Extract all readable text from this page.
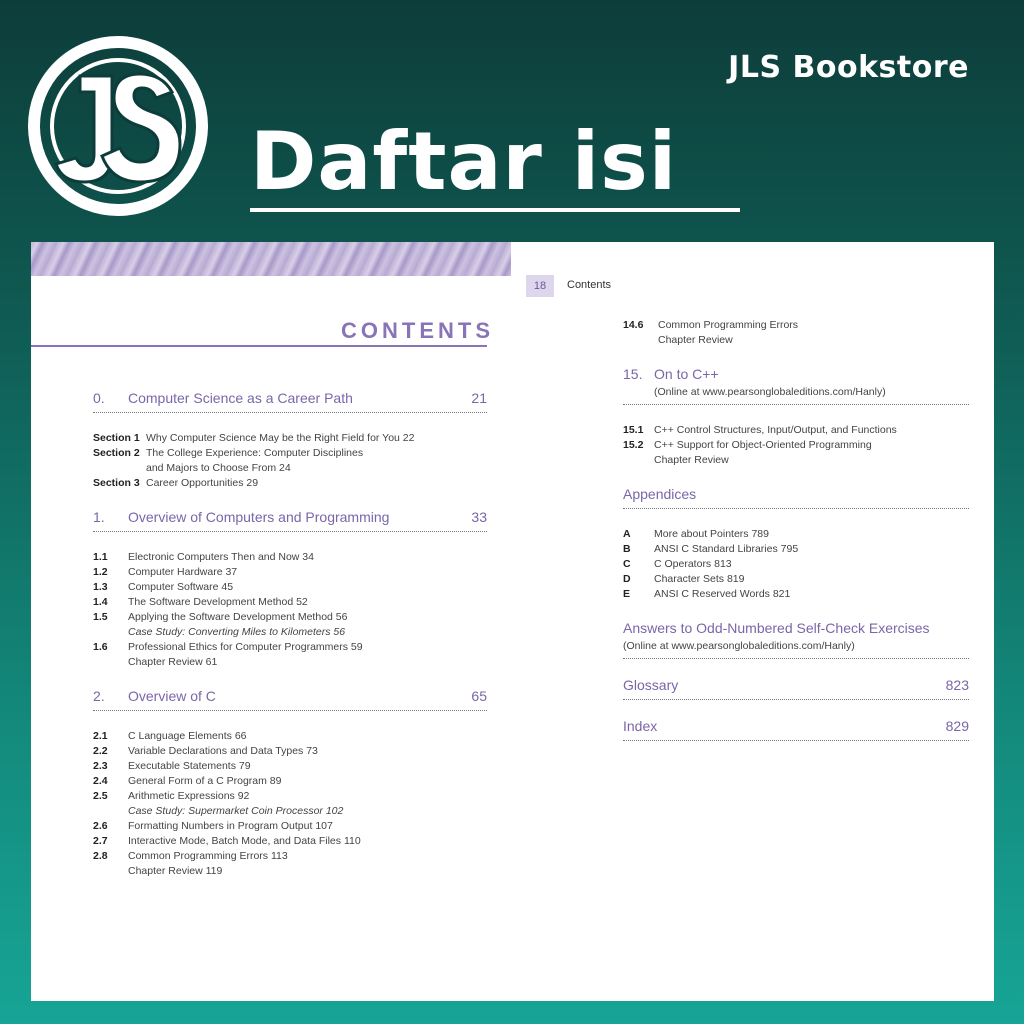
JLS Bookstore
Daftar isi
18	Contents
CONTENTS
0.	Computer Science as a Career Path	21
Section 1 Why Computer Science May be the Right Field for You 22
Section 2 The College Experience: Computer Disciplines
and Majors to Choose From 24
Section 3 Career Opportunities 29
1.	Overview of Computers and Programming	33
1.1	Electronic Computers Then and Now 34
1.2	Computer Hardware 37
1.3	Computer Software 45
1.4	The Software Development Method 52
1.5	Applying the Software Development Method 56
Case Study: Converting Miles to Kilometers 56
1.6	Professional Ethics for Computer Programmers 59
Chapter Review 61
2.	Overview of C	65
2.1	C Language Elements 66
2.2	Variable Declarations and Data Types 73
2.3	Executable Statements 79
2.4	General Form of a C Program 89
2.5	Arithmetic Expressions 92
Case Study: Supermarket Coin Processor 102
2.6	Formatting Numbers in Program Output 107
2.7	Interactive Mode, Batch Mode, and Data Files 110
2.8	Common Programming Errors 113
Chapter Review 119
14.6	Common Programming Errors
Chapter Review
15. On to C++
(Online at www.pearsonglobaleditions.com/Hanly)
15.1	C++ Control Structures, Input/Output, and Functions
15.2	C++ Support for Object-Oriented Programming
Chapter Review
Appendices
A	More about Pointers 789
B	ANSI C Standard Libraries 795
C	C Operators 813
D	Character Sets 819
E	ANSI C Reserved Words 821
Answers to Odd-Numbered Self-Check Exercises
(Online at www.pearsonglobaleditions.com/Hanly)
Glossary	823
Index	829
